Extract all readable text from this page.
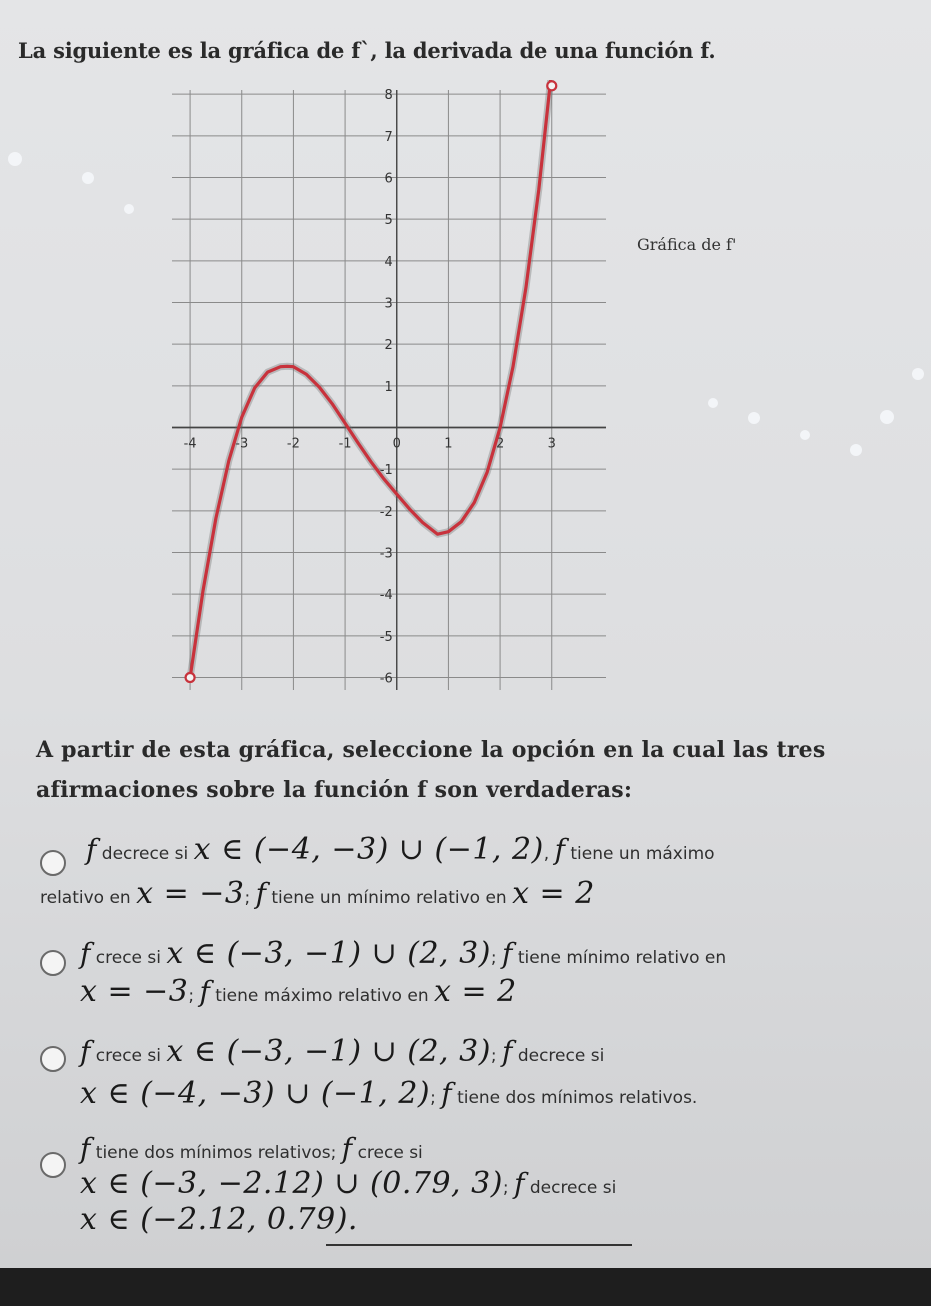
La siguiente es la gráfica de f`, la derivada de una función f.
8
7
6
5
4
3
2
1
-1
-2
-3
-4
-5
-6
-4	-3	-2	-1	0	1	2	3
Gráfica de f'
A partir de esta gráfica, seleccione la opción en la cual las tres afirmaciones sobre la función f son verdaderas:
f decrece si x ∈ (−4, −3) ∪ (−1, 2), f tiene un máximo
relativo en x = −3; f tiene un mínimo relativo en x = 2
f crece si x ∈ (−3, −1) ∪ (2, 3); f tiene mínimo relativo en
x = −3; f tiene máximo relativo en x = 2
f crece si x ∈ (−3, −1) ∪ (2, 3); f decrece si
x ∈ (−4, −3) ∪ (−1, 2); f tiene dos mínimos relativos.
f tiene dos mínimos relativos; f crece si
x ∈ (−3, −2.12) ∪ (0.79, 3); f decrece si
x ∈ (−2.12, 0.79).
